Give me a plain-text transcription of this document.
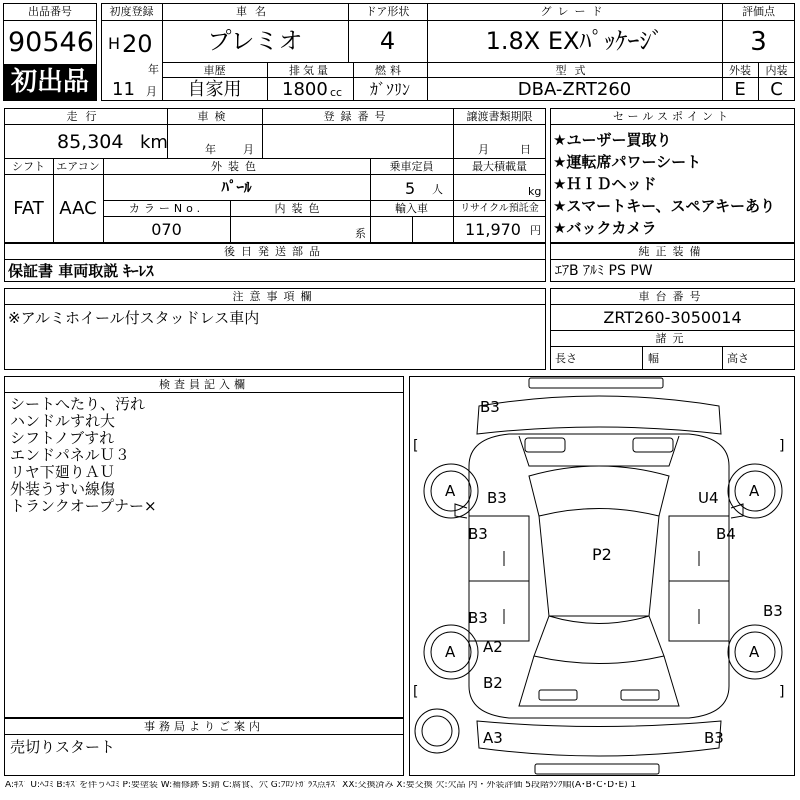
出品番号
90546
初出品
初度登録
H 20
年
11 月
車名
プレミオ
ドア形状
4
グレード
1.8X EXﾊﾟｯｹｰｼﾞ
評価点
3
車歴
自家用
排気量
1800 cc
燃料
ｶﾞｿﾘﾝ
型式
DBA-ZRT260
外装	内装
E	C
走行
85,304 km
車検
年 月
登録番号	譲渡書類期限
月	日
シフト	エアコン
FAT AAC
外装色
ﾊﾟｰﾙ
乗車定員
5 人
最大積載量
kg
カラーNo.
070
内装色
系
輸入車	リサイクル預託金
11,970 円
セールスポイント
★ユーザー買取り
★運転席パワーシート
★ＨＩＤヘッド
★スマートキー、スペアキーあり
★バックカメラ
後日発送部品
保証書 車両取説 ｷｰﾚｽ
純正装備
ｴｱB ｱﾙﾐ PS PW
注意事項欄
※アルミホイール付スタッドレス車内
車台番号
ZRT260-3050014
諸元
長さ	幅	高さ
検査員記入欄
シートへたり、汚れ
ハンドルすれ大
シフトノブすれ
エンドパネルＵ３
リヤ下廻りＡＵ
外装うすい線傷
トランクオープナー×
事務局よりご案内
売切りスタート
[	]
[	]
B3
B3	U4
B3	B4
P2
B3	B3
A2
B2
A3	B3
A	A
A	A
A:ｷｽﾞ U:ﾍｺﾐ B:ｷｽﾞを伴うﾍｺﾐ P:要塗装 W:補修跡 S:錆 C:腐食、穴 G:ﾌﾛﾝﾄｶﾞﾗｽ点ｷｽﾞ XX:交換済み X:要交換 欠:欠品 内・外装評価 5段階ﾗﾝｸ順(A･B･C･D･E) 1
